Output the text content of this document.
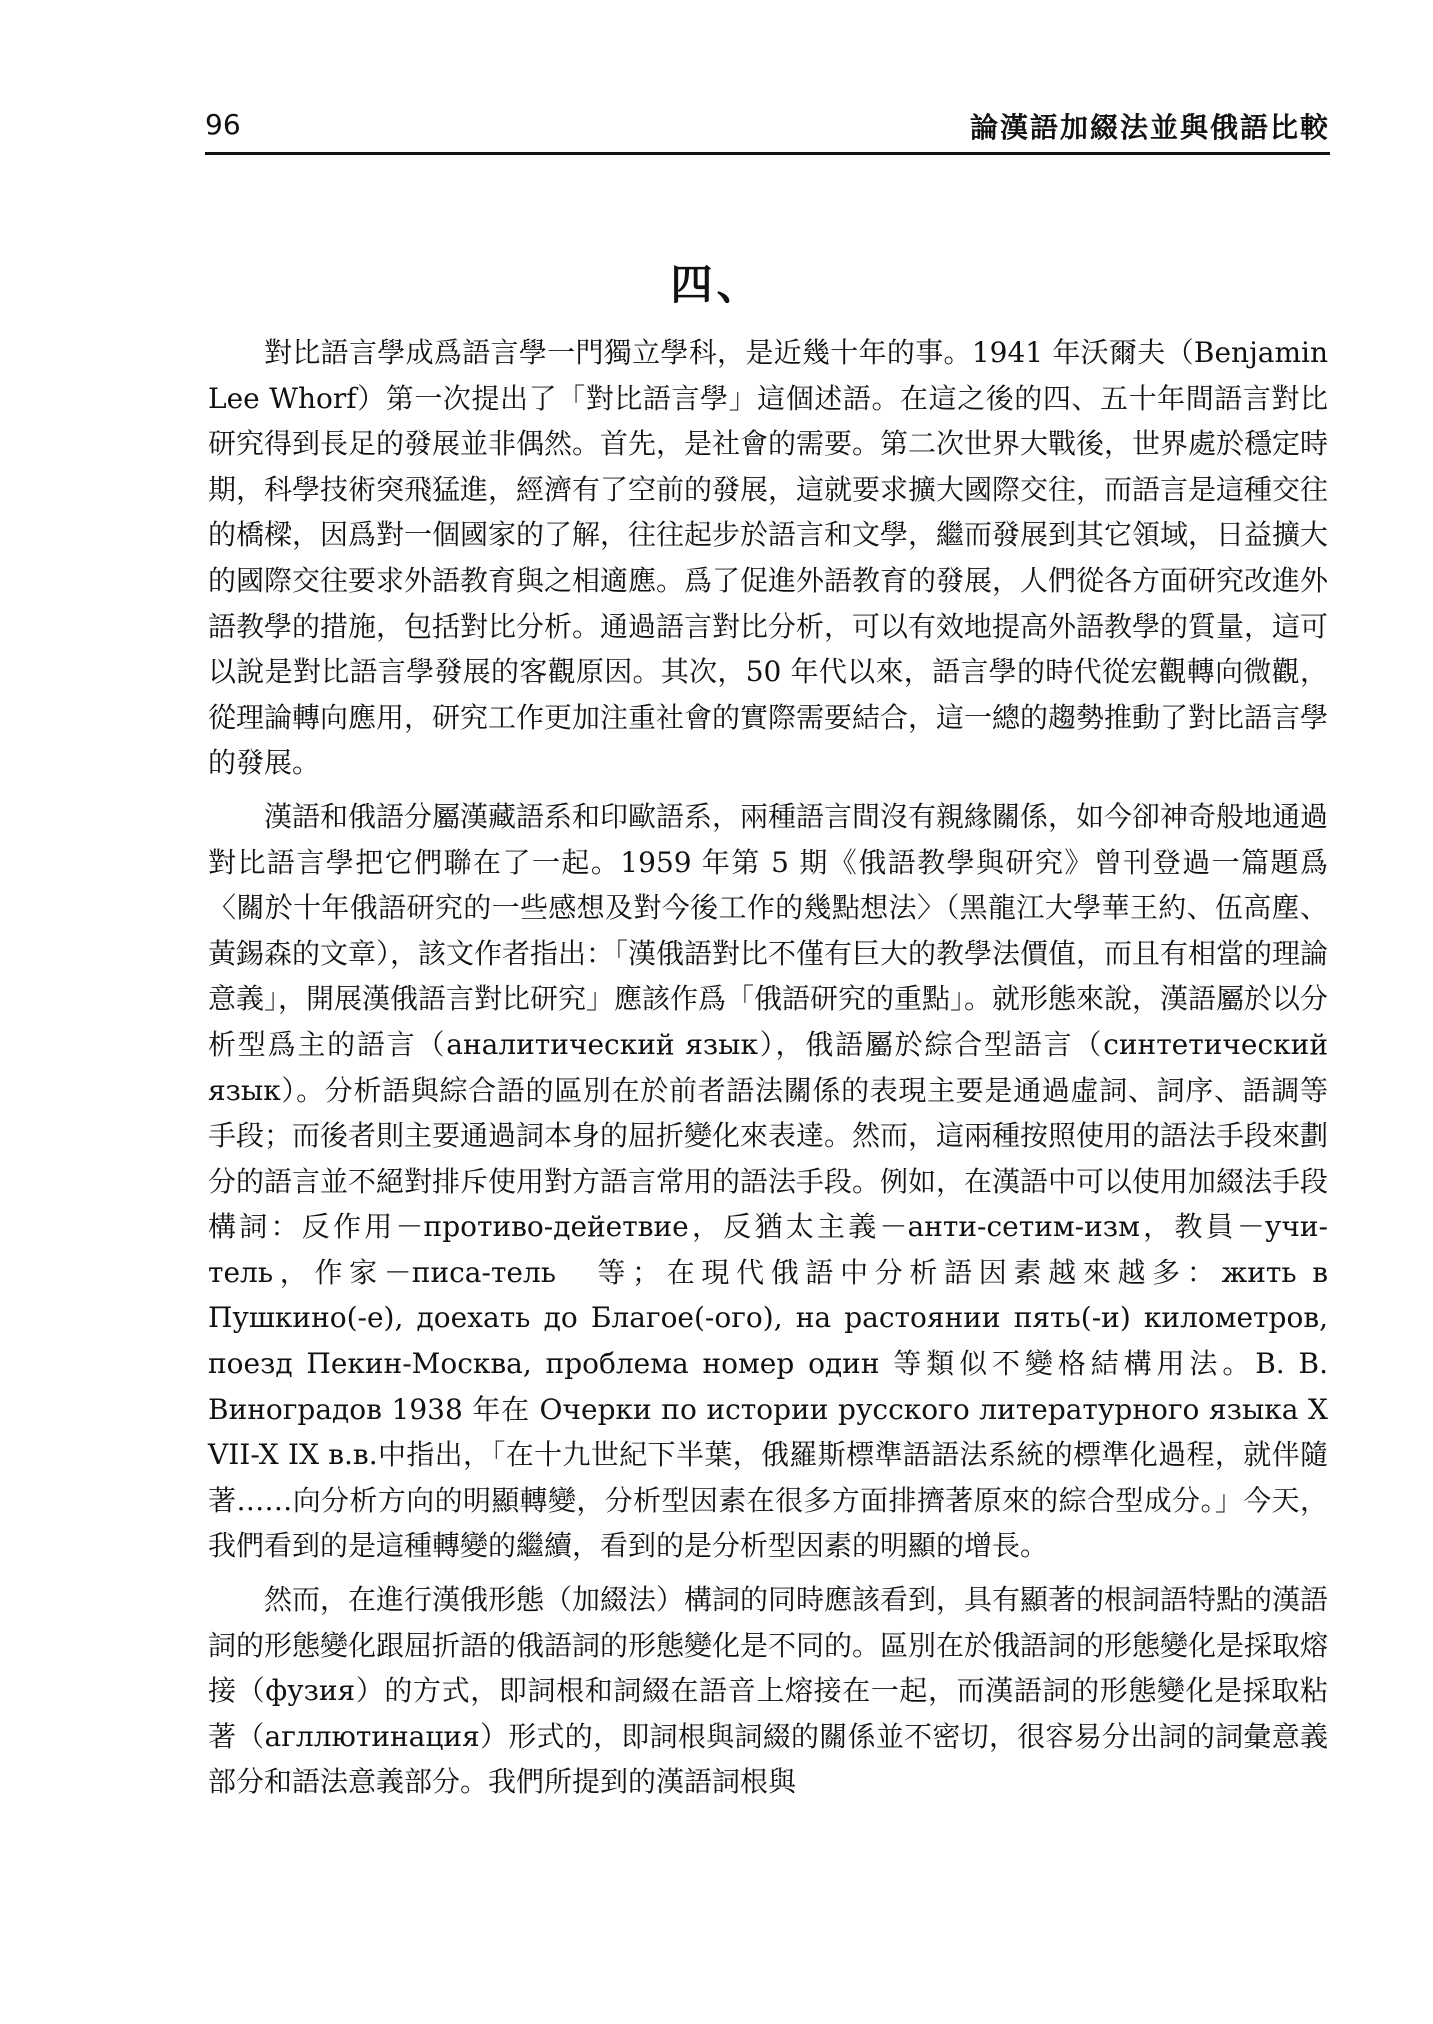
96	論漢語加綴法並與俄語比較
四、

對比語言學成爲語言學一門獨立學科，是近幾十年的事。1941 年沃爾夫（Benjamin Lee Whorf）第一次提出了「對比語言學」這個述語。在這之後的四、五十年間語言對比研究得到長足的發展並非偶然。首先，是社會的需要。第二次世界大戰後，世界處於穩定時期，科學技術突飛猛進，經濟有了空前的發展，這就要求擴大國際交往，而語言是這種交往的橋樑，因爲對一個國家的了解，往往起步於語言和文學，繼而發展到其它領域，日益擴大的國際交往要求外語教育與之相適應。爲了促進外語教育的發展，人們從各方面研究改進外語教學的措施，包括對比分析。通過語言對比分析，可以有效地提高外語教學的質量，這可以說是對比語言學發展的客觀原因。其次，50 年代以來，語言學的時代從宏觀轉向微觀，從理論轉向應用，研究工作更加注重社會的實際需要結合，這一總的趨勢推動了對比語言學的發展。

漢語和俄語分屬漢藏語系和印歐語系，兩種語言間沒有親緣關係，如今卻神奇般地通過對比語言學把它們聯在了一起。1959 年第 5 期《俄語教學與研究》曾刊登過一篇題爲〈關於十年俄語研究的一些感想及對今後工作的幾點想法〉（黑龍江大學華王約、伍高塵、黃錫森的文章），該文作者指出：「漢俄語對比不僅有巨大的教學法價值，而且有相當的理論意義」，開展漢俄語言對比研究」應該作爲「俄語研究的重點」。就形態來說，漢語屬於以分析型爲主的語言（аналитический язык），俄語屬於綜合型語言（синтетический язык）。分析語與綜合語的區別在於前者語法關係的表現主要是通過虛詞、詞序、語調等手段；而後者則主要通過詞本身的屈折變化來表達。然而，這兩種按照使用的語法手段來劃分的語言並不絕對排斥使用對方語言常用的語法手段。例如，在漢語中可以使用加綴法手段構詞：反作用－противо-дейетвие，反猶太主義－анти-сетим-изм，教員－учи-тель，作家－писа-тель　等；在現代俄語中分析語因素越來越多：жить в Пушкино(-е), доехать до Благое(-ого), на растоянии пять(-и) километров, поезд Пекин-Москва, проблема номер один 等類似不變格結構用法。В. В. Виноградов 1938 年在 Очерки по истории русского литературного языка X VII-X IX в.в.中指出，「在十九世紀下半葉，俄羅斯標準語語法系統的標準化過程，就伴隨著……向分析方向的明顯轉變，分析型因素在很多方面排擠著原來的綜合型成分。」今天，我們看到的是這種轉變的繼續，看到的是分析型因素的明顯的增長。

然而，在進行漢俄形態（加綴法）構詞的同時應該看到，具有顯著的根詞語特點的漢語詞的形態變化跟屈折語的俄語詞的形態變化是不同的。區別在於俄語詞的形態變化是採取熔接（фузия）的方式，即詞根和詞綴在語音上熔接在一起，而漢語詞的形態變化是採取粘著（агллютинация）形式的，即詞根與詞綴的關係並不密切，很容易分出詞的詞彙意義部分和語法意義部分。我們所提到的漢語詞根與
